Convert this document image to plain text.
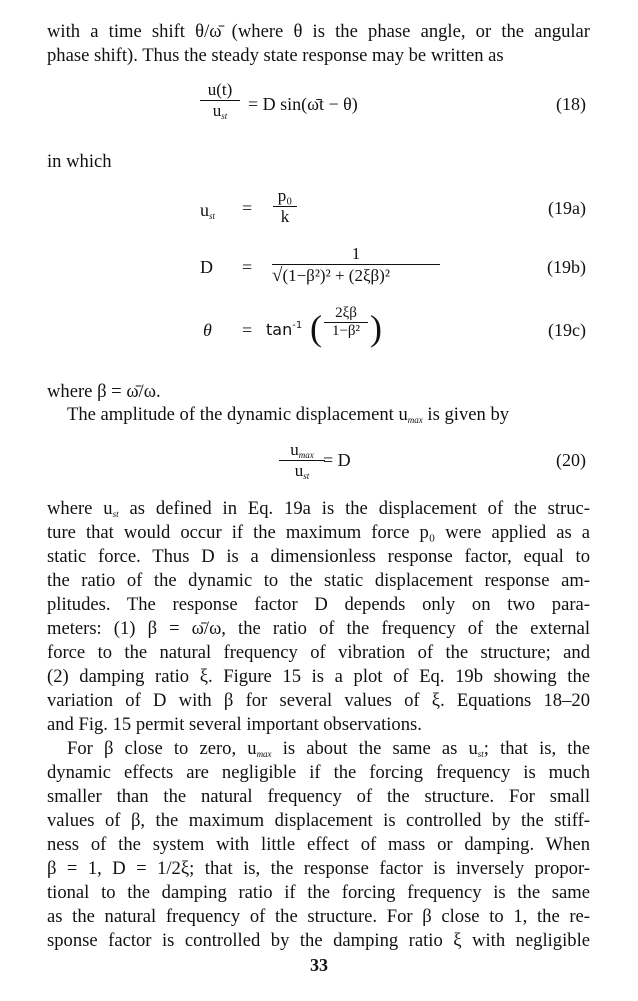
with a time shift θ/ω̄ (where θ is the phase angle, or the angular
phase shift). Thus the steady state response may be written as
u(t)
$u_{st}$
= D sin(ω̄t − θ)	(18)
in which
$u_{st}$ =
p₀
k	(19a)
D =
1
√(1−β²)² + (2ξβ)²	(19b)
$\theta = \tan^{-1}$ ( 2ξβ
1−β² )	(19c)
where β = ω̄/ω.
The amplitude of the dynamic displacement $u_{max}$ is given by
$u_{max}$
$u_{st}$
= D	(20)
where $u_{st}$ as defined in Eq. 19a is the displacement of the struc-
ture that would occur if the maximum force p₀ were applied as a
static force. Thus D is a dimensionless response factor, equal to
the ratio of the dynamic to the static displacement response am-
plitudes. The response factor D depends only on two para-
meters: (1) β = ω̄/ω, the ratio of the frequency of the external
force to the natural frequency of vibration of the structure; and
(2) damping ratio ξ. Figure 15 is a plot of Eq. 19b showing the
variation of D with β for several values of ξ. Equations 18–20
and Fig. 15 permit several important observations.
For β close to zero, $u_{max}$ is about the same as $u_{st}$; that is, the
dynamic effects are negligible if the forcing frequency is much
smaller than the natural frequency of the structure. For small
values of β, the maximum displacement is controlled by the stiff-
ness of the system with little effect of mass or damping. When
β = 1, D = 1/2ξ; that is, the response factor is inversely propor-
tional to the damping ratio if the forcing frequency is the same
as the natural frequency of the structure. For β close to 1, the re-
sponse factor is controlled by the damping ratio ξ with negligible
33
